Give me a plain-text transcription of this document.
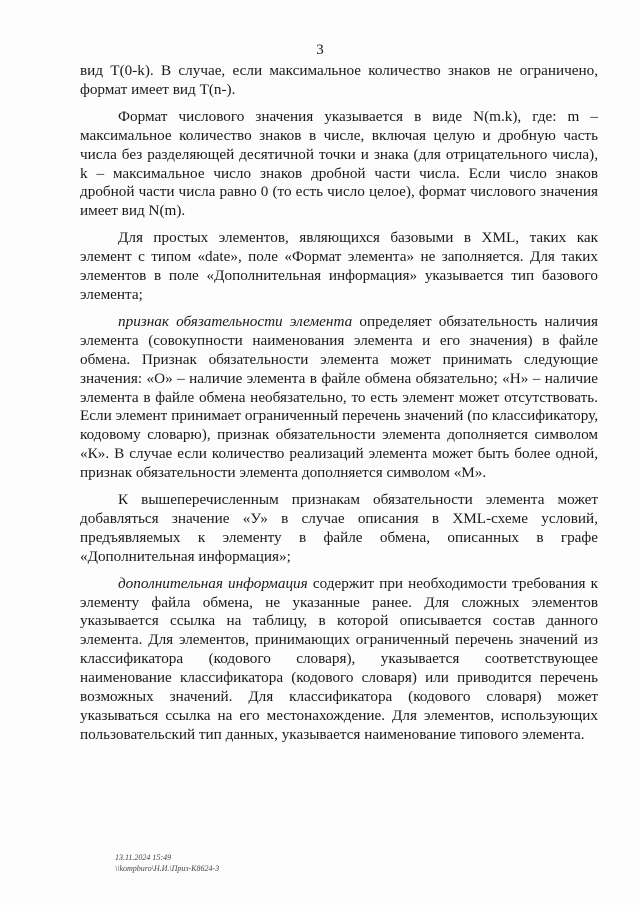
3

вид T(0-k). В случае, если максимальное количество знаков не ограничено, формат имеет вид T(n-).

Формат числового значения указывается в виде N(m.k), где: m – максимальное количество знаков в числе, включая целую и дробную часть числа без разделяющей десятичной точки и знака (для отрицательного числа), k – максимальное число знаков дробной части числа. Если число знаков дробной части числа равно 0 (то есть число целое), формат числового значения имеет вид N(m).

Для простых элементов, являющихся базовыми в XML, таких как элемент с типом «date», поле «Формат элемента» не заполняется. Для таких элементов в поле «Дополнительная информация» указывается тип базового элемента;

признак обязательности элемента определяет обязательность наличия элемента (совокупности наименования элемента и его значения) в файле обмена. Признак обязательности элемента может принимать следующие значения: «О» – наличие элемента в файле обмена обязательно; «Н» – наличие элемента в файле обмена необязательно, то есть элемент может отсутствовать. Если элемент принимает ограниченный перечень значений (по классификатору, кодовому словарю), признак обязательности элемента дополняется символом «К». В случае если количество реализаций элемента может быть более одной, признак обязательности элемента дополняется символом «М».

К вышеперечисленным признакам обязательности элемента может добавляться значение «У» в случае описания в XML-схеме условий, предъявляемых к элементу в файле обмена, описанных в графе «Дополнительная информация»;

дополнительная информация содержит при необходимости требования к элементу файла обмена, не указанные ранее. Для сложных элементов указывается ссылка на таблицу, в которой описывается состав данного элемента. Для элементов, принимающих ограниченный перечень значений из классификатора (кодового словаря), указывается соответствующее наименование классификатора (кодового словаря) или приводится перечень возможных значений. Для классификатора (кодового словаря) может указываться ссылка на его местонахождение. Для элементов, использующих пользовательский тип данных, указывается наименование типового элемента.

13.11.2024 15:49
\\kompburo\Н.И.\Приз-К8624-3
